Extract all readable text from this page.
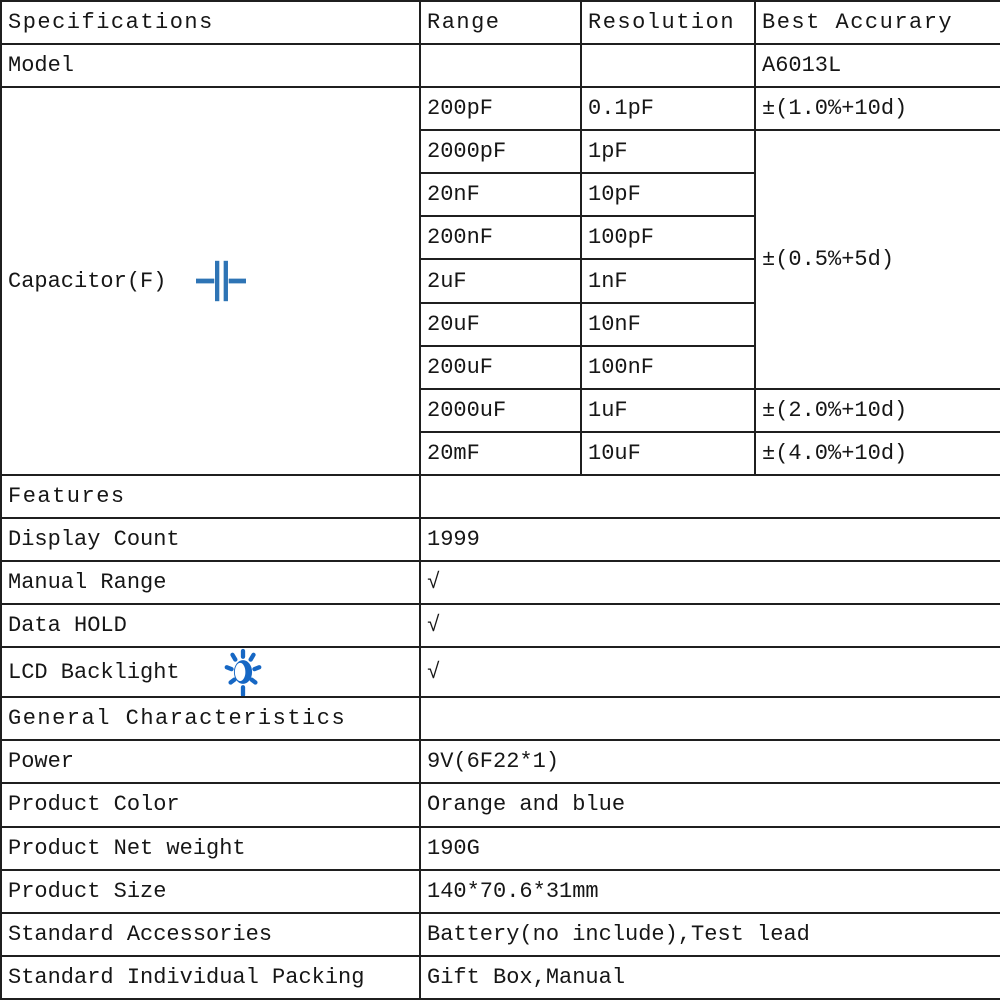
Specifications	Range	Resolution	Best Accurary
Model			A6013L

Capacitor(F)	200pF	0.1pF	±(1.0%+10d)
	2000pF	1pF	±(0.5%+5d)
	20nF	10pF	
	200nF	100pF	
	2uF	1nF	
	20uF	10nF	
	200uF	100nF	
	2000uF	1uF	±(2.0%+10d)
	20mF	10uF	±(4.0%+10d)
Features			
Display Count	1999		
Manual Range	√		
Data HOLD	√		

LCD Backlight	√		
General Characteristics			
Power	9V(6F22*1)		
Product Color	Orange and blue		
Product Net weight	190G		
Product Size	140*70.6*31mm		
Standard Accessories	Battery(no include),Test lead		
Standard Individual Packing	Gift Box,Manual		
